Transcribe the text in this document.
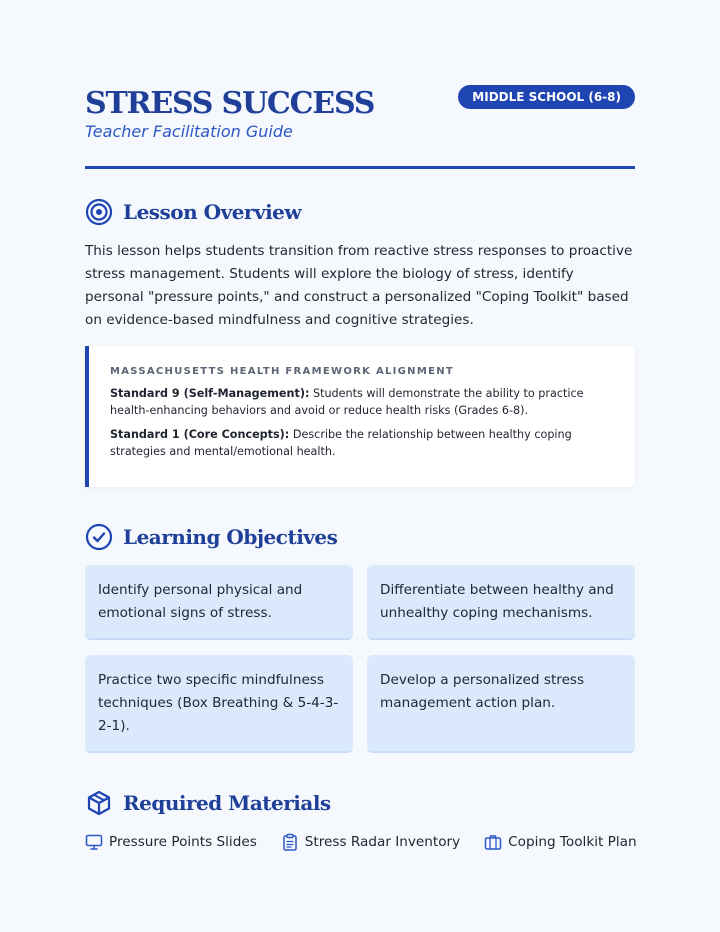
STRESS SUCCESS
Teacher Facilitation Guide
MIDDLE SCHOOL (6-8)
Lesson Overview

This lesson helps students transition from reactive stress responses to proactive stress management. Students will explore the biology of stress, identify personal "pressure points," and construct a personalized "Coping Toolkit" based on evidence-based mindfulness and cognitive strategies.

MASSACHUSETTS HEALTH FRAMEWORK ALIGNMENT

Standard 9 (Self-Management): Students will demonstrate the ability to practice health-enhancing behaviors and avoid or reduce health risks (Grades 6-8).

Standard 1 (Core Concepts): Describe the relationship between healthy coping strategies and mental/emotional health.

Learning Objectives
Identify personal physical and emotional signs of stress.
Differentiate between healthy and unhealthy coping mechanisms.
Practice two specific mindfulness techniques (Box Breathing & 5-4-3-2-1).
Develop a personalized stress management action plan.
Required Materials
Pressure Points Slides	Stress Radar Inventory	Coping Toolkit Plan
